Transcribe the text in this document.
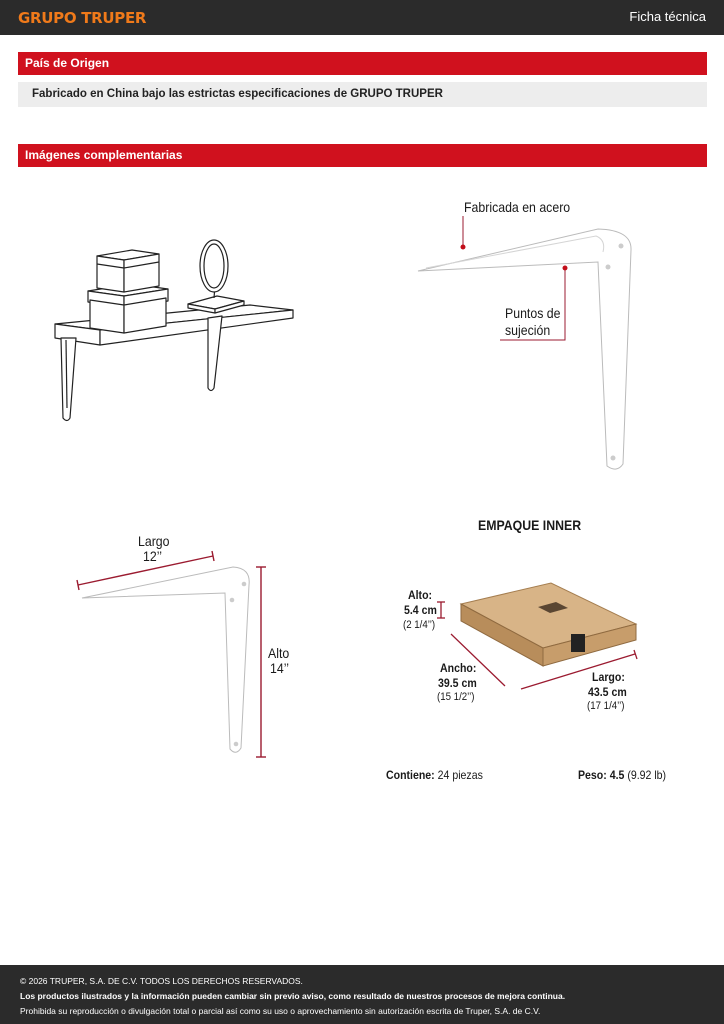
GRUPO TRUPER	Ficha técnica
País de Origen
Fabricado en China bajo las estrictas especificaciones de GRUPO TRUPER
Imágenes complementarias
Fabricada en acero
Puntos de
sujeción
Largo
12’’
Alto
14’’
EMPAQUE INNER
Alto:
5.4 cm
(2 1/4’’)
Ancho:
39.5 cm
(15 1/2’’)
Largo:
43.5 cm
(17 1/4’’)
Contiene: 24 piezas	Peso: 4.5 (9.92 lb)
© 2026 TRUPER, S.A. DE C.V. TODOS LOS DERECHOS RESERVADOS.
Los productos ilustrados y la información pueden cambiar sin previo aviso, como resultado de nuestros procesos de mejora continua.
Prohibida su reproducción o divulgación total o parcial así como su uso o aprovechamiento sin autorización escrita de Truper, S.A. de C.V.
